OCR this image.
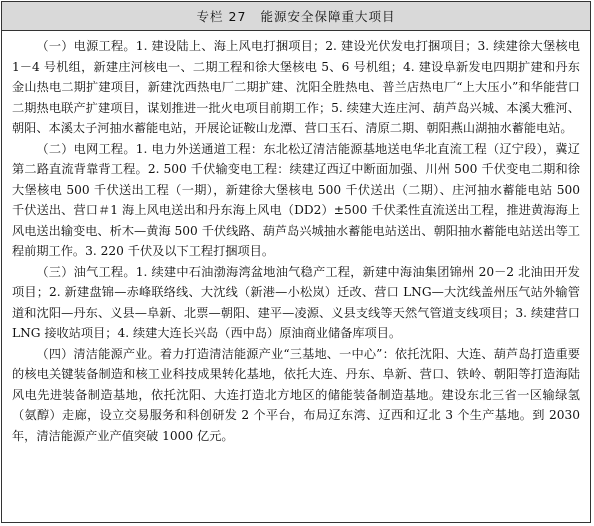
专栏 27 能源安全保障重大项目

（一）电源工程。1. 建设陆上、海上风电打捆项目；2. 建设光伏发电打捆项目；3. 续建徐大堡核电 1－4 号机组，新建庄河核电一、二期工程和徐大堡核电 5、6 号机组；4. 建设阜新发电四期扩建和丹东金山热电二期扩建项目，新建沈西热电厂二期扩建、沈阳全胜热电、普兰店热电厂“上大压小”和华能营口二期热电联产扩建项目，谋划推进一批火电项目前期工作；5. 续建大连庄河、葫芦岛兴城、本溪大雅河、朝阳、本溪太子河抽水蓄能电站，开展论证鞍山龙潭、营口玉石、清原二期、朝阳燕山湖抽水蓄能电站。

（二）电网工程。1. 电力外送通道工程：东北松辽清洁能源基地送电华北直流工程（辽宁段），冀辽第二路直流背靠背工程。2. 500 千伏输变电工程：续建辽西辽中断面加强、川州 500 千伏变电二期和徐大堡核电 500 千伏送出工程（一期），新建徐大堡核电 500 千伏送出（二期）、庄河抽水蓄能电站 500 千伏送出、营口＃1 海上风电送出和丹东海上风电（DD2）±500 千伏柔性直流送出工程，推进黄海海上风电送出输变电、析木—黄海 500 千伏线路、葫芦岛兴城抽水蓄能电站送出、朝阳抽水蓄能电站送出等工程前期工作。3. 220 千伏及以下工程打捆项目。

（三）油气工程。1. 续建中石油渤海湾盆地油气稳产工程，新建中海油集团锦州 20－2 北油田开发项目；2. 新建盘锦—赤峰联络线、大沈线（新港—小松岚）迁改、营口 LNG—大沈线盖州压气站外输管道和沈阳—丹东、义县—阜新、北票—朝阳、建平—凌源、义县支线等天然气管道支线项目；3. 续建营口 LNG 接收站项目；4. 续建大连长兴岛（西中岛）原油商业储备库项目。

（四）清洁能源产业。着力打造清洁能源产业“三基地、一中心”：依托沈阳、大连、葫芦岛打造重要的核电关键装备制造和核工业科技成果转化基地，依托大连、丹东、阜新、营口、铁岭、朝阳等打造海陆风电先进装备制造基地，依托沈阳、大连打造北方地区的储能装备制造基地。建设东北三省一区输绿氢（氨醇）走廊，设立交易服务和科创研发 2 个平台，布局辽东湾、辽西和辽北 3 个生产基地。到 2030 年，清洁能源产业产值突破 1000 亿元。
